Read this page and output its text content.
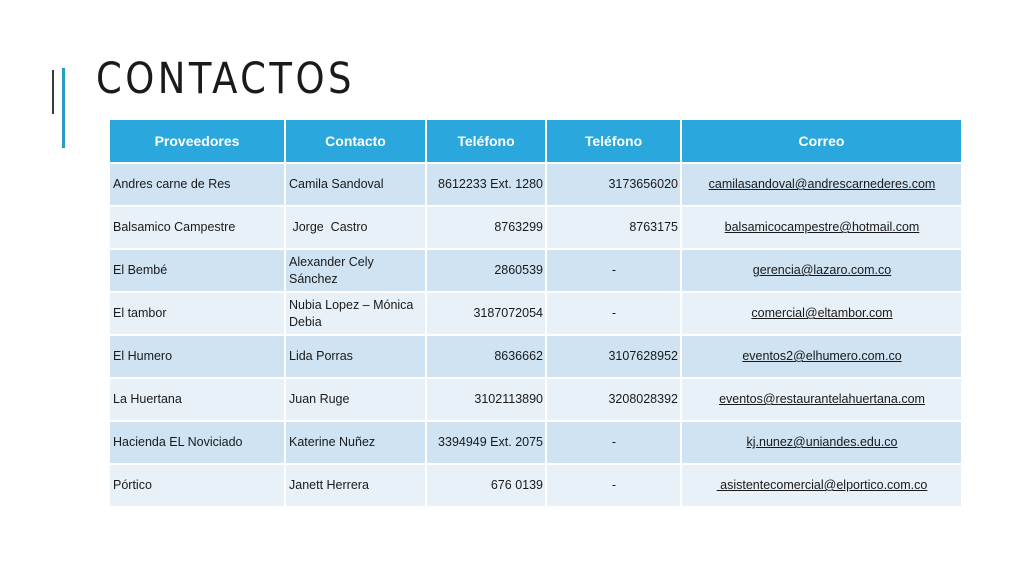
CONTACTOS
Proveedores	Contacto	Teléfono	Teléfono	Correo
Andres carne de Res	Camila Sandoval	8612233 Ext. 1280	3173656020	camilasandoval@andrescarnederes.com
Balsamico Campestre	Jorge  Castro	8763299	8763175	balsamicocampestre@hotmail.com
El Bembé	Alexander Cely Sánchez	2860539	-	gerencia@lazaro.com.co
El tambor	Nubia Lopez – Mónica Debia	3187072054	-	comercial@eltambor.com
El Humero	Lida Porras	8636662	3107628952	eventos2@elhumero.com.co
La Huertana	Juan Ruge	3102113890	3208028392	eventos@restaurantelahuertana.com
Hacienda EL Noviciado	Katerine Nuñez	3394949 Ext. 2075	-	kj.nunez@uniandes.edu.co
Pórtico	Janett Herrera	676 0139	-	asistentecomercial@elportico.com.co
